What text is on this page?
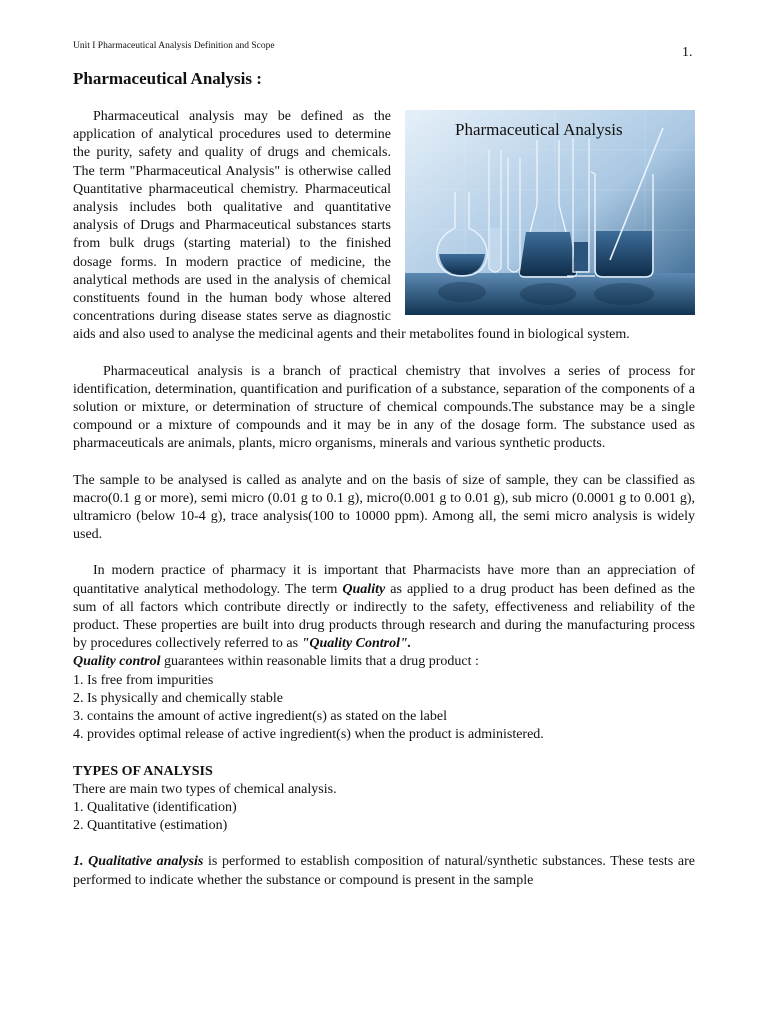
Unit I Pharmaceutical Analysis Definition and Scope	1.
Pharmaceutical Analysis :
Pharmaceutical Analysis

Pharmaceutical analysis may be defined as the application of analytical procedures used to determine the purity, safety and quality of drugs and chemicals. The term "Pharmaceutical Analysis" is otherwise called Quantitative pharmaceutical chemistry. Pharmaceutical analysis includes both qualitative and quantitative analysis of Drugs and Pharmaceutical substances starts from bulk drugs (starting material) to the finished dosage forms. In modern practice of medicine, the analytical methods are used in the analysis of chemical constituents found in the human body whose altered concentrations during disease states serve as diagnostic aids and also used to analyse the medicinal agents and their metabolites found in biological system.

Pharmaceutical analysis is a branch of practical chemistry that involves a series of process for identification, determination, quantification and purification of a substance, separation of the components of a solution or mixture, or determination of structure of chemical compounds.The substance may be a single compound or a mixture of compounds and it may be in any of the dosage form. The substance used as pharmaceuticals are animals, plants, micro organisms, minerals and various synthetic products.

The sample to be analysed is called as analyte and on the basis of size of sample, they can be classified as macro(0.1 g or more), semi micro (0.01 g to 0.1 g), micro(0.001 g to 0.01 g), sub micro (0.0001 g to 0.001 g), ultramicro (below 10-4 g), trace analysis(100 to 10000 ppm). Among all, the semi micro analysis is widely used.

In modern practice of pharmacy it is important that Pharmacists have more than an appreciation of quantitative analytical methodology. The term Quality as applied to a drug product has been defined as the sum of all factors which contribute directly or indirectly to the safety, effectiveness and reliability of the product. These properties are built into drug products through research and during the manufacturing process by procedures collectively referred to as "Quality Control".

Quality control guarantees within reasonable limits that a drug product :

1. Is free from impurities
2. Is physically and chemically stable
3. contains the amount of active ingredient(s) as stated on the label
4. provides optimal release of active ingredient(s) when the product is administered.
TYPES OF ANALYSIS
There are main two types of chemical analysis.
1. Qualitative (identification)
2. Quantitative (estimation)

1. Qualitative analysis is performed to establish composition of natural/synthetic substances. These tests are performed to indicate whether the substance or compound is present in the sample
